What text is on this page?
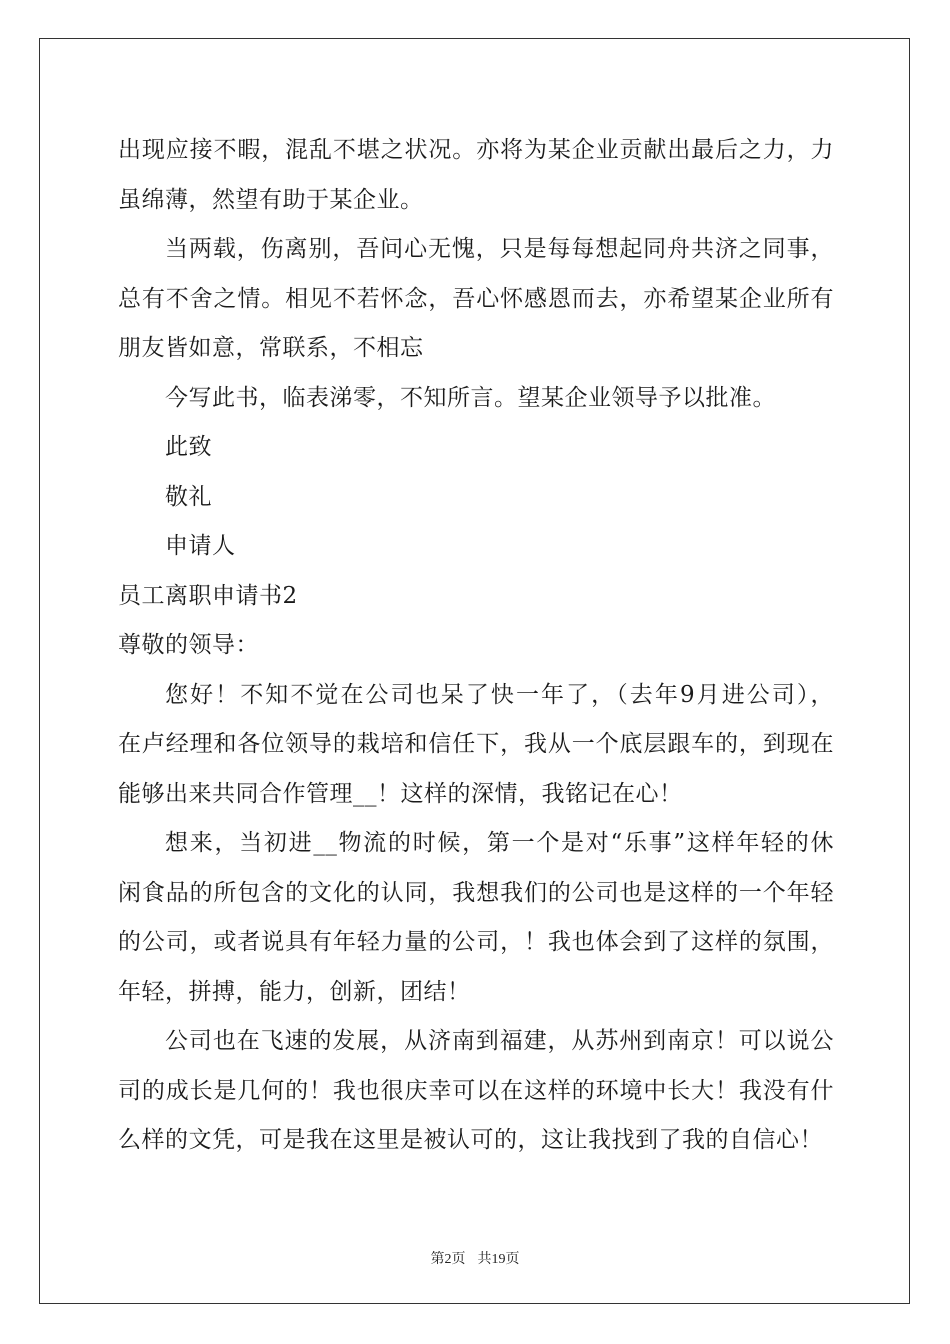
出现应接不暇，混乱不堪之状况。亦将为某企业贡献出最后之力，力
虽绵薄，然望有助于某企业。
当两载，伤离别，吾问心无愧，只是每每想起同舟共济之同事，
总有不舍之情。相见不若怀念，吾心怀感恩而去，亦希望某企业所有
朋友皆如意，常联系，不相忘
今写此书，临表涕零，不知所言。望某企业领导予以批准。
此致
敬礼
申请人
员工离职申请书2
尊敬的领导：
您好！不知不觉在公司也呆了快一年了，（去年9月进公司），
在卢经理和各位领导的栽培和信任下，我从一个底层跟车的，到现在
能够出来共同合作管理__！这样的深情，我铭记在心！
想来，当初进__物流的时候，第一个是对“乐事”这样年轻的休
闲食品的所包含的文化的认同，我想我们的公司也是这样的一个年轻
的公司，或者说具有年轻力量的公司，！我也体会到了这样的氛围，
年轻，拼搏，能力，创新，团结！
公司也在飞速的发展，从济南到福建，从苏州到南京！可以说公
司的成长是几何的！我也很庆幸可以在这样的环境中长大！我没有什
么样的文凭，可是我在这里是被认可的，这让我找到了我的自信心！
第2页 共19页
